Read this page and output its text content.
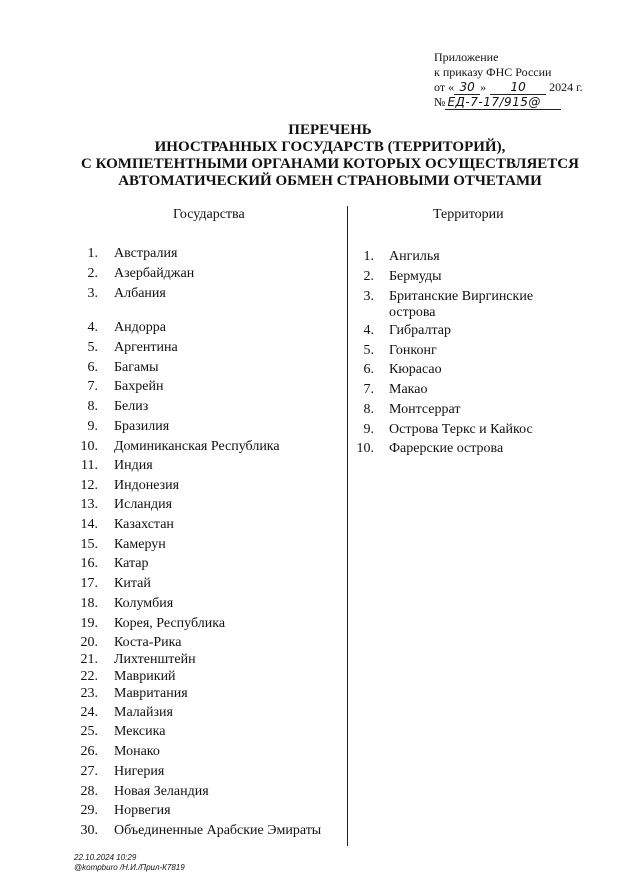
Приложение
к приказу ФНС России
от « 30 » 10 2024 г.
№ ЕД-7-17/915@
ПЕРЕЧЕНЬ
ИНОСТРАННЫХ ГОСУДАРСТВ (ТЕРРИТОРИЙ),
С КОМПЕТЕНТНЫМИ ОРГАНАМИ КОТОРЫХ ОСУЩЕСТВЛЯЕТСЯ
АВТОМАТИЧЕСКИЙ ОБМЕН СТРАНОВЫМИ ОТЧЕТАМИ
Государства	Территории
1. Австралия
2. Азербайджан
3. Албания
4. Андорра
5. Аргентина
6. Багамы
7. Бахрейн
8. Белиз
9. Бразилия
10. Доминиканская Республика
11. Индия
12. Индонезия
13. Исландия
14. Казахстан
15. Камерун
16. Катар
17. Китай
18. Колумбия
19. Корея, Республика
20. Коста-Рика
21. Лихтенштейн
22. Маврикий
23. Мавритания
24. Малайзия
25. Мексика
26. Монако
27. Нигерия
28. Новая Зеландия
29. Норвегия
30. Объединенные Арабские Эмираты
1. Ангилья
2. Бермуды
3. Британские Виргинские
острова
4. Гибралтар
5. Гонконг
6. Кюрасао
7. Макао
8. Монтсеррат
9. Острова Теркс и Кайкос
10. Фарерские острова
22.10.2024 10:29
@kompburo /Н.И./Прил-К7819
